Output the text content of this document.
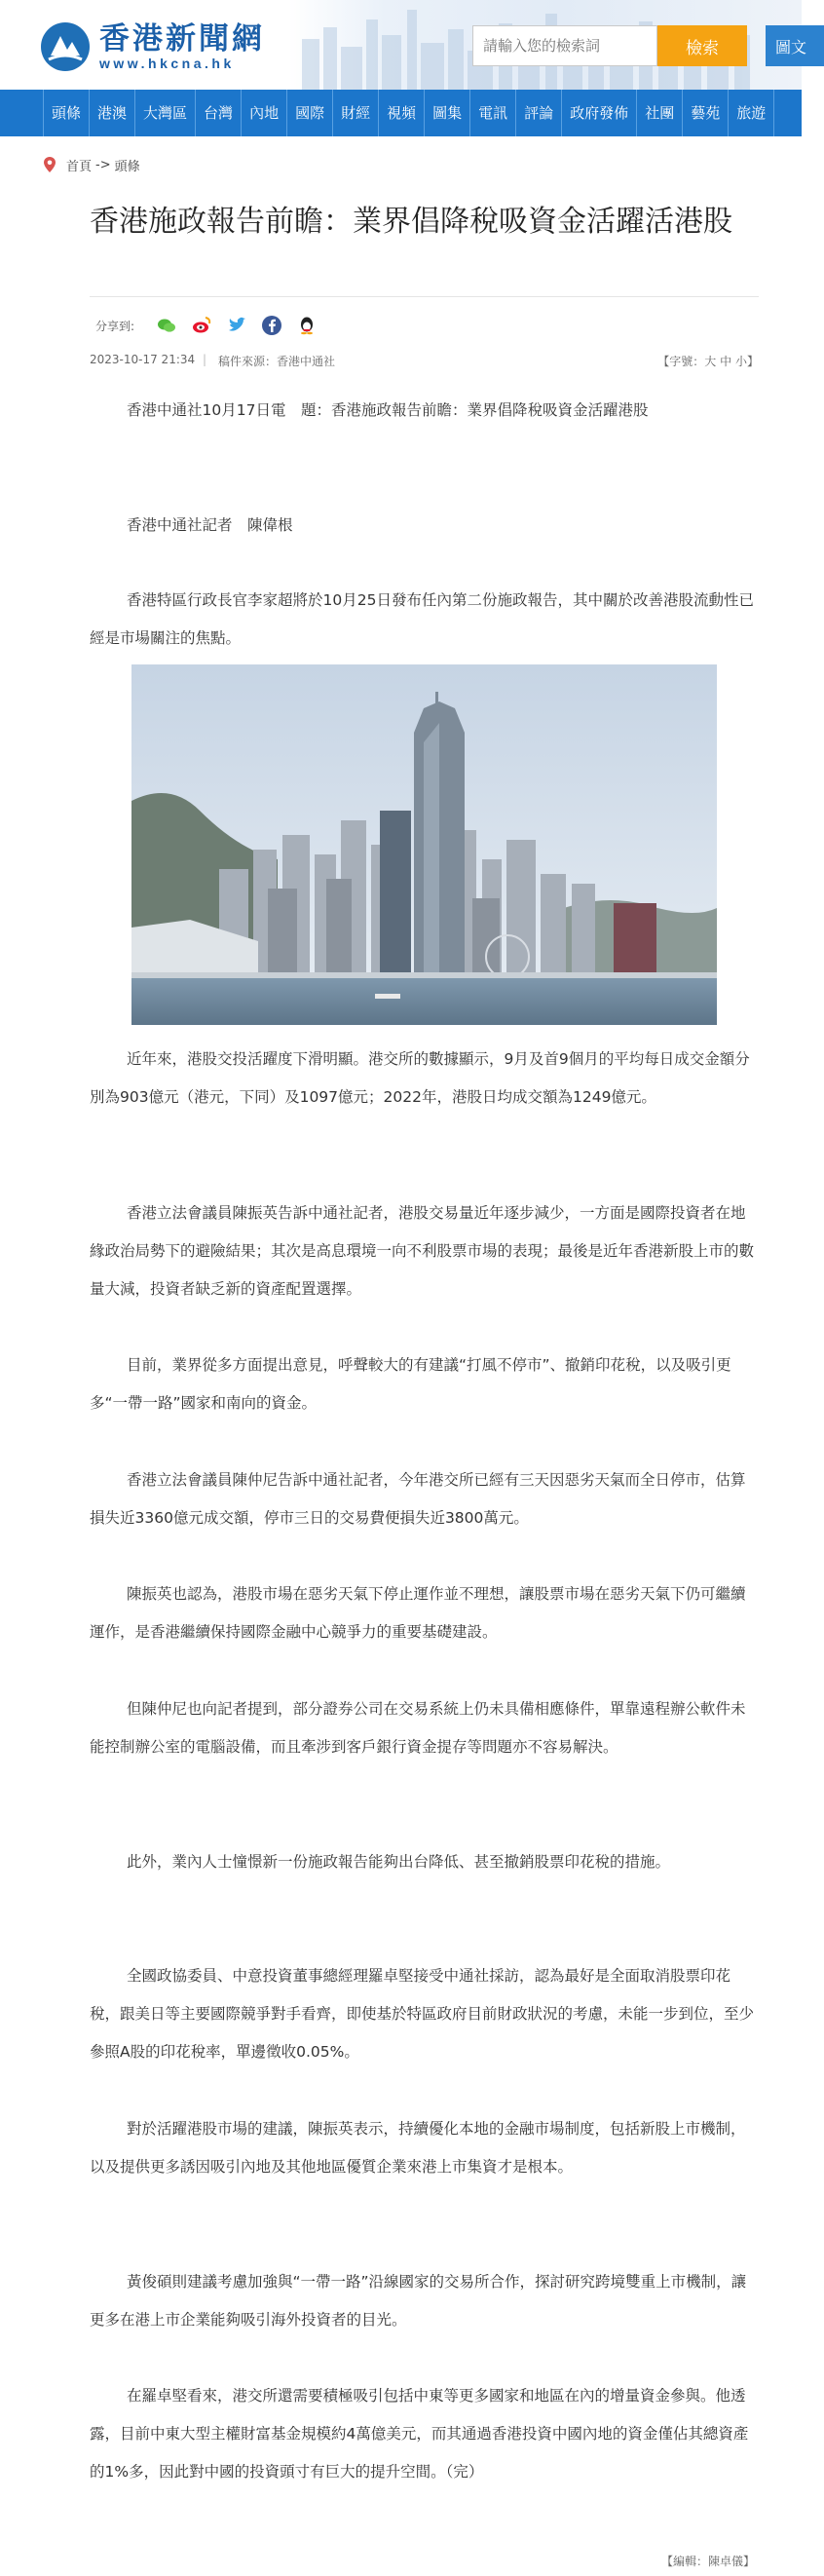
香港新聞網
www.hkcna.hk
請輸入您的檢索詞
檢索	圖文
頭條	港澳	大灣區	台灣	內地	國際	財經	視頻	圖集	電訊	評論	政府發佈	社團	藝苑	旅遊
首頁 -> 頭條
香港施政報告前瞻：業界倡降稅吸資金活躍活港股
分享到:
2023-10-17 21:34 | 稿件來源：香港中通社	【字號：大 中 小】

香港中通社10月17日電　題：香港施政報告前瞻：業界倡降稅吸資金活躍港股

香港中通社記者　陳偉根

香港特區行政長官李家超將於10月25日發布任內第二份施政報告，其中關於改善港股流動性已經是市場關注的焦點。

近年來，港股交投活躍度下滑明顯。港交所的數據顯示，9月及首9個月的平均每日成交金額分別為903億元（港元，下同）及1097億元；2022年，港股日均成交額為1249億元。

香港立法會議員陳振英告訴中通社記者，港股交易量近年逐步減少，一方面是國際投資者在地緣政治局勢下的避險結果；其次是高息環境一向不利股票市場的表現；最後是近年香港新股上市的數量大減，投資者缺乏新的資產配置選擇。

目前，業界從多方面提出意見，呼聲較大的有建議“打風不停市”、撤銷印花稅，以及吸引更多“一帶一路”國家和南向的資金。

香港立法會議員陳仲尼告訴中通社記者，今年港交所已經有三天因惡劣天氣而全日停市，估算損失近3360億元成交額，停市三日的交易費便損失近3800萬元。

陳振英也認為，港股市場在惡劣天氣下停止運作並不理想，讓股票市場在惡劣天氣下仍可繼續運作，是香港繼續保持國際金融中心競爭力的重要基礎建設。

但陳仲尼也向記者提到，部分證券公司在交易系統上仍未具備相應條件，單靠遠程辦公軟件未能控制辦公室的電腦設備，而且牽涉到客戶銀行資金提存等問題亦不容易解決。

此外，業內人士憧憬新一份施政報告能夠出台降低、甚至撤銷股票印花稅的措施。

全國政協委員、中意投資董事總經理羅卓堅接受中通社採訪，認為最好是全面取消股票印花稅，跟美日等主要國際競爭對手看齊，即使基於特區政府目前財政狀況的考慮，未能一步到位，至少參照A股的印花稅率，單邊徵收0.05%。

對於活躍港股市場的建議，陳振英表示，持續優化本地的金融市場制度，包括新股上市機制，以及提供更多誘因吸引內地及其他地區優質企業來港上市集資才是根本。

黃俊碩則建議考慮加強與“一帶一路”沿線國家的交易所合作，探討研究跨境雙重上市機制，讓更多在港上市企業能夠吸引海外投資者的目光。

在羅卓堅看來，港交所還需要積極吸引包括中東等更多國家和地區在內的增量資金參與。他透露，目前中東大型主權財富基金規模約4萬億美元，而其通過香港投資中國內地的資金僅佔其總資產的1%多，因此對中國的投資頭寸有巨大的提升空間。（完）

【編輯：陳卓儀】
